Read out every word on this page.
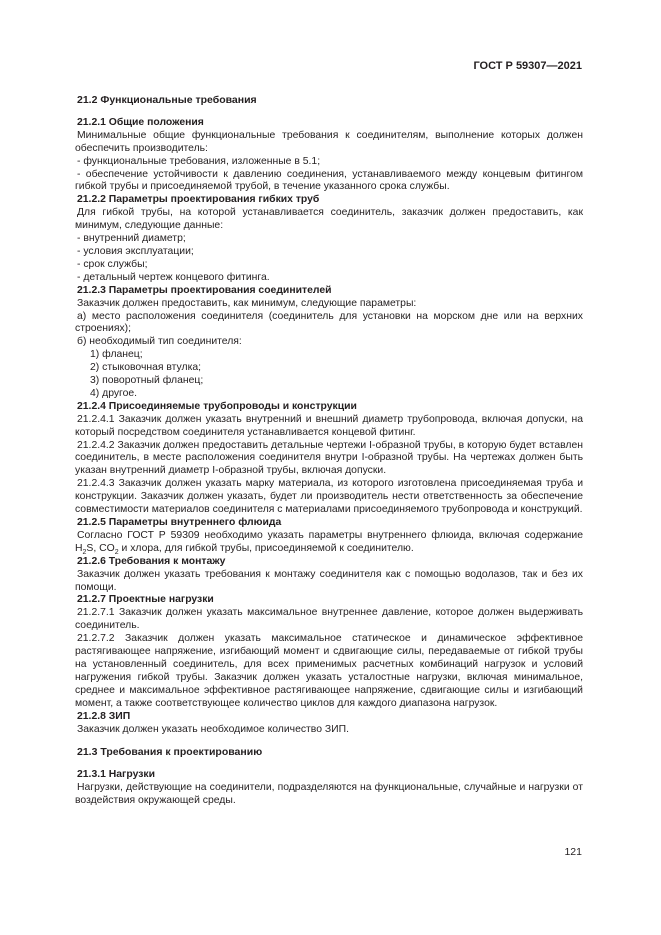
ГОСТ Р 59307—2021
21.2 Функциональные требования
21.2.1 Общие положения

Минимальные общие функциональные требования к соединителям, выполнение которых должен обеспечить производитель:

- функциональные требования, изложенные в 5.1;

- обеспечение устойчивости к давлению соединения, устанавливаемого между концевым фитингом гибкой трубы и присоединяемой трубой, в течение указанного срока службы.

21.2.2 Параметры проектирования гибких труб

Для гибкой трубы, на которой устанавливается соединитель, заказчик должен предоставить, как минимум, следующие данные:

- внутренний диаметр;

- условия эксплуатации;

- срок службы;

- детальный чертеж концевого фитинга.

21.2.3 Параметры проектирования соединителей

Заказчик должен предоставить, как минимум, следующие параметры:

а) место расположения соединителя (соединитель для установки на морском дне или на верхних строениях);

б) необходимый тип соединителя:

1) фланец;

2) стыковочная втулка;

3) поворотный фланец;

4) другое.

21.2.4 Присоединяемые трубопроводы и конструкции

21.2.4.1 Заказчик должен указать внутренний и внешний диаметр трубопровода, включая допуски, на который посредством соединителя устанавливается концевой фитинг.

21.2.4.2 Заказчик должен предоставить детальные чертежи I-образной трубы, в которую будет вставлен соединитель, в месте расположения соединителя внутри I-образной трубы. На чертежах должен быть указан внутренний диаметр I-образной трубы, включая допуски.

21.2.4.3 Заказчик должен указать марку материала, из которого изготовлена присоединяемая труба и конструкции. Заказчик должен указать, будет ли производитель нести ответственность за обеспечение совместимости материалов соединителя с материалами присоединяемого трубопровода и конструкций.

21.2.5 Параметры внутреннего флюида

Согласно ГОСТ Р 59309 необходимо указать параметры внутреннего флюида, включая содержание $H_2S$, $CO_2$ и хлора, для гибкой трубы, присоединяемой к соединителю.

21.2.6 Требования к монтажу

Заказчик должен указать требования к монтажу соединителя как с помощью водолазов, так и без их помощи.

21.2.7 Проектные нагрузки

21.2.7.1 Заказчик должен указать максимальное внутреннее давление, которое должен выдерживать соединитель.

21.2.7.2 Заказчик должен указать максимальное статическое и динамическое эффективное растягивающее напряжение, изгибающий момент и сдвигающие силы, передаваемые от гибкой трубы на установленный соединитель, для всех применимых расчетных комбинаций нагрузок и условий нагружения гибкой трубы. Заказчик должен указать усталостные нагрузки, включая минимальное, среднее и максимальное эффективное растягивающее напряжение, сдвигающие силы и изгибающий момент, а также соответствующее количество циклов для каждого диапазона нагрузок.

21.2.8 ЗИП

Заказчик должен указать необходимое количество ЗИП.

21.3 Требования к проектированию
21.3.1 Нагрузки

Нагрузки, действующие на соединители, подразделяются на функциональные, случайные и нагрузки от воздействия окружающей среды.

121
